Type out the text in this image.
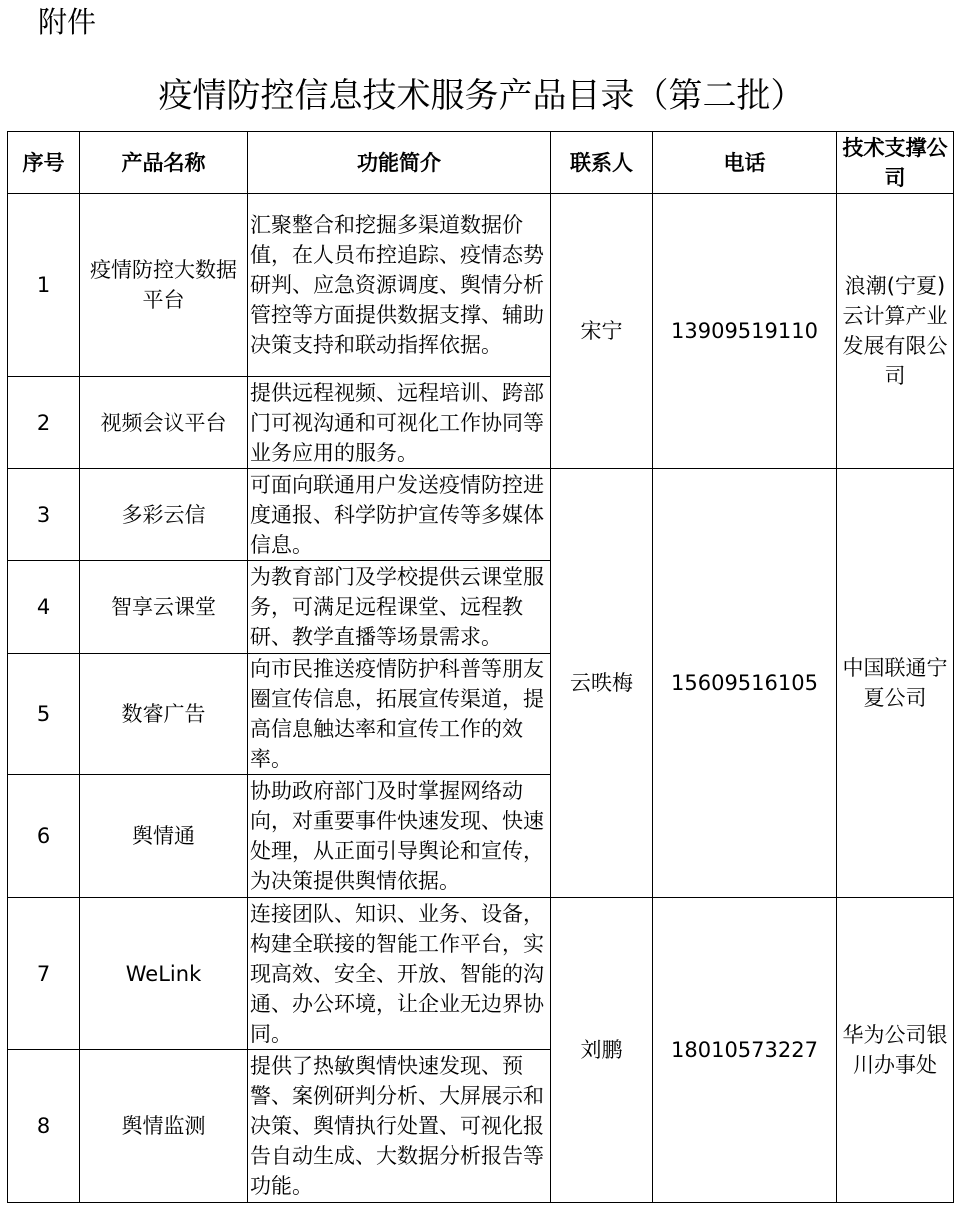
附件
疫情防控信息技术服务产品目录（第二批）
序号	产品名称	功能简介	联系人	电话	技术支撑公司
1	疫情防控大数据平台	汇聚整合和挖掘多渠道数据价值，在人员布控追踪、疫情态势研判、应急资源调度、舆情分析管控等方面提供数据支撑、辅助决策支持和联动指挥依据。	宋宁	13909519110	浪潮(宁夏)云计算产业发展有限公司
2	视频会议平台	提供远程视频、远程培训、跨部门可视沟通和可视化工作协同等业务应用的服务。			
3	多彩云信	可面向联通用户发送疫情防控进度通报、科学防护宣传等多媒体信息。	云昳梅	15609516105	中国联通宁夏公司
4	智享云课堂	为教育部门及学校提供云课堂服务，可满足远程课堂、远程教研、教学直播等场景需求。			
5	数睿广告	向市民推送疫情防护科普等朋友圈宣传信息，拓展宣传渠道，提高信息触达率和宣传工作的效率。			
6	舆情通	协助政府部门及时掌握网络动向，对重要事件快速发现、快速处理，从正面引导舆论和宣传，为决策提供舆情依据。			
7	WeLink	连接团队、知识、业务、设备，构建全联接的智能工作平台，实现高效、安全、开放、智能的沟通、办公环境，让企业无边界协同。	刘鹏	18010573227	华为公司银川办事处
8	舆情监测	提供了热敏舆情快速发现、预警、案例研判分析、大屏展示和决策、舆情执行处置、可视化报告自动生成、大数据分析报告等功能。			
